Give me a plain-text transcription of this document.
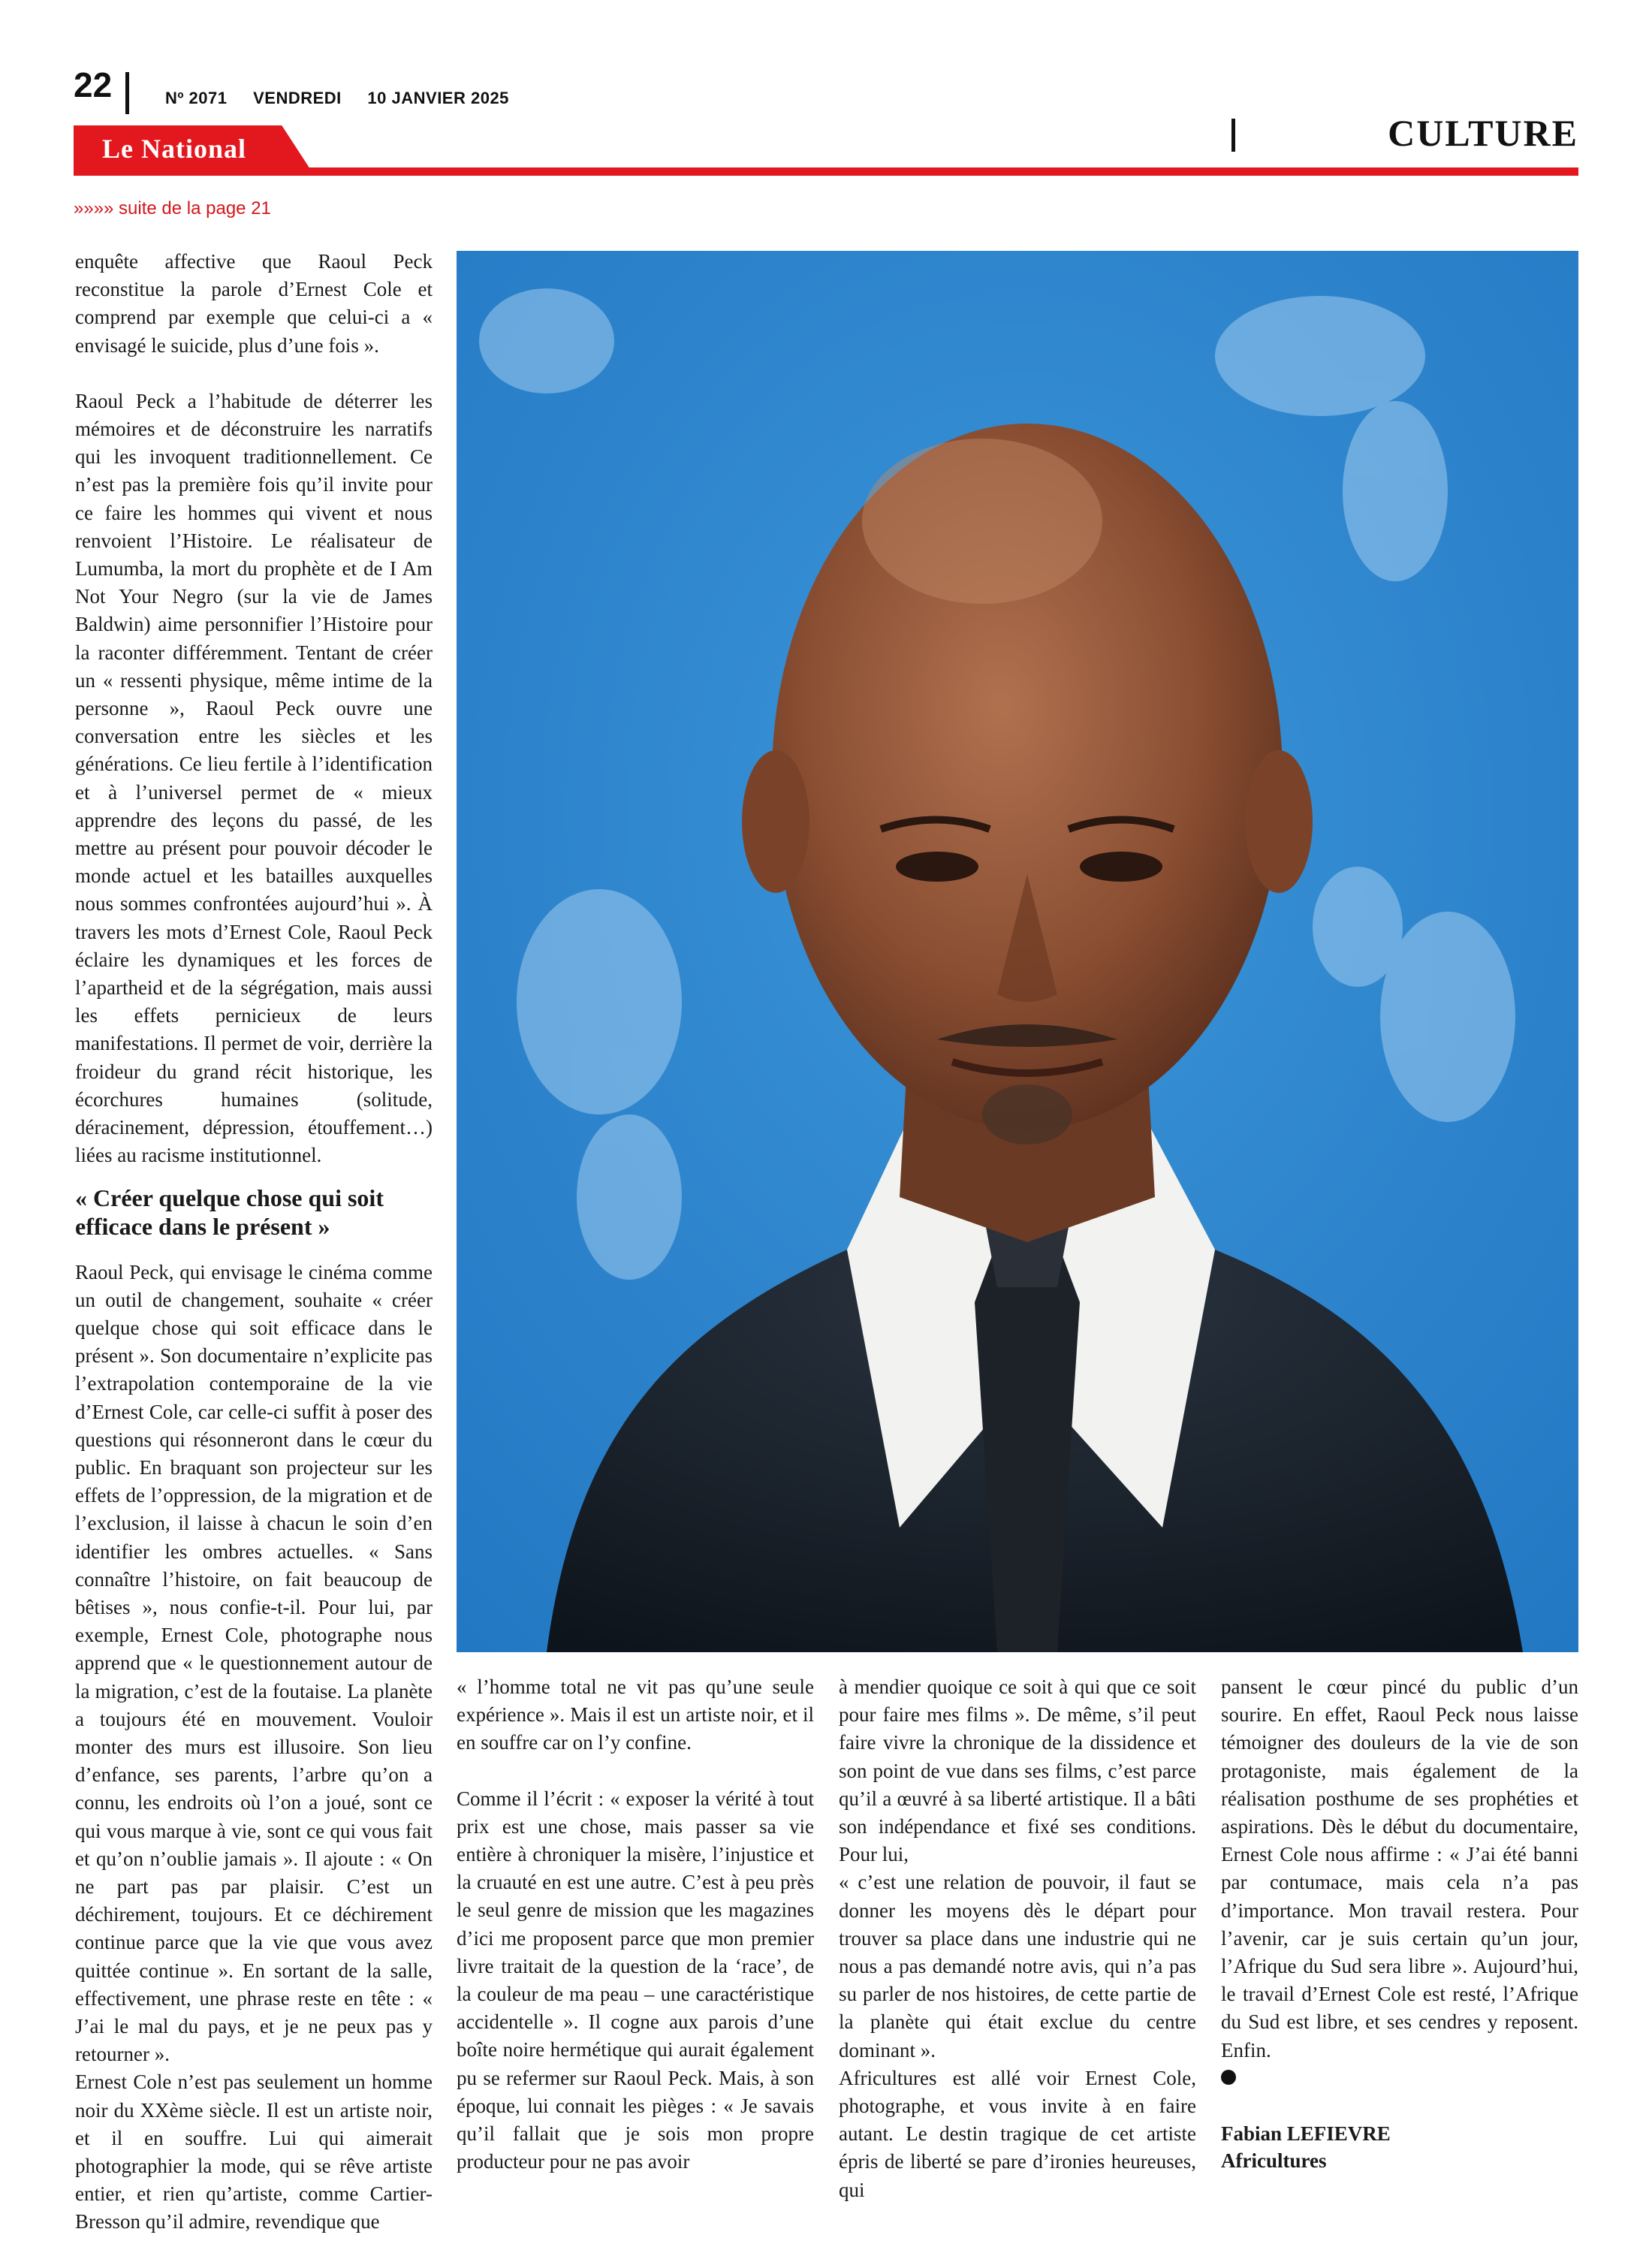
22	Nº 2071 VENDREDI 10 JANVIER 2025
Le National	CULTURE
»»»» suite de la page 21

enquête affective que Raoul Peck reconstitue la parole d’Ernest Cole et comprend par exemple que celui-ci a « envisagé le suicide, plus d’une fois ».

Raoul Peck a l’habitude de déterrer les mémoires et de déconstruire les narratifs qui les invoquent traditionnellement. Ce n’est pas la première fois qu’il invite pour ce faire les hommes qui vivent et nous renvoient l’Histoire. Le réalisateur de Lumumba, la mort du prophète et de I Am Not Your Negro (sur la vie de James Baldwin) aime personnifier l’Histoire pour la raconter différemment. Tentant de créer un « ressenti physique, même intime de la personne », Raoul Peck ouvre une conversation entre les siècles et les générations. Ce lieu fertile à l’identification et à l’universel permet de « mieux apprendre des leçons du passé, de les mettre au présent pour pouvoir décoder le monde actuel et les batailles auxquelles nous sommes confrontées aujourd’hui ». À travers les mots d’Ernest Cole, Raoul Peck éclaire les dynamiques et les forces de l’apartheid et de la ségrégation, mais aussi les effets pernicieux de leurs manifestations. Il permet de voir, derrière la froideur du grand récit historique, les écorchures humaines (solitude, déracinement, dépression, étouffement…) liées au racisme institutionnel.

« Créer quelque chose qui soit efficace dans le présent »

Raoul Peck, qui envisage le cinéma comme un outil de changement, souhaite « créer quelque chose qui soit efficace dans le présent ». Son documentaire n’explicite pas l’extrapolation contemporaine de la vie d’Ernest Cole, car celle-ci suffit à poser des questions qui résonneront dans le cœur du public. En braquant son projecteur sur les effets de l’oppression, de la migration et de l’exclusion, il laisse à chacun le soin d’en identifier les ombres actuelles. « Sans connaître l’histoire, on fait beaucoup de bêtises », nous confie-t-il. Pour lui, par exemple, Ernest Cole, photographe nous apprend que « le questionnement autour de la migration, c’est de la foutaise. La planète a toujours été en mouvement. Vouloir monter des murs est illusoire. Son lieu d’enfance, ses parents, l’arbre qu’on a connu, les endroits où l’on a joué, sont ce qui vous marque à vie, sont ce qui vous fait et qu’on n’oublie jamais ». Il ajoute : « On ne part pas par plaisir. C’est un déchirement, toujours. Et ce déchirement continue parce que la vie que vous avez quittée continue ». En sortant de la salle, effectivement, une phrase reste en tête : « J’ai le mal du pays, et je ne peux pas y retourner ».

Ernest Cole n’est pas seulement un homme noir du XXème siècle. Il est un artiste noir, et il en souffre. Lui qui aimerait photographier la mode, qui se rêve artiste entier, et rien qu’artiste, comme Cartier-Bresson qu’il admire, revendique que

« l’homme total ne vit pas qu’une seule expérience ». Mais il est un artiste noir, et il en souffre car on l’y confine.

Comme il l’écrit : « exposer la vérité à tout prix est une chose, mais passer sa vie entière à chroniquer la misère, l’injustice et la cruauté en est une autre. C’est à peu près le seul genre de mission que les magazines d’ici me proposent parce que mon premier livre traitait de la question de la ‘race’, de la couleur de ma peau – une caractéristique accidentelle ». Il cogne aux parois d’une boîte noire hermétique qui aurait également pu se refermer sur Raoul Peck. Mais, à son époque, lui connait les pièges : « Je savais qu’il fallait que je sois mon propre producteur pour ne pas avoir

à mendier quoique ce soit à qui que ce soit pour faire mes films ». De même, s’il peut faire vivre la chronique de la dissidence et son point de vue dans ses films, c’est parce qu’il a œuvré à sa liberté artistique. Il a bâti son indépendance et fixé ses conditions. Pour lui,

« c’est une relation de pouvoir, il faut se donner les moyens dès le départ pour trouver sa place dans une industrie qui ne nous a pas demandé notre avis, qui n’a pas su parler de nos histoires, de cette partie de la planète qui était exclue du centre dominant ».

Africultures est allé voir Ernest Cole, photographe, et vous invite à en faire autant. Le destin tragique de cet artiste épris de liberté se pare d’ironies heureuses, qui

pansent le cœur pincé du public d’un sourire. En effet, Raoul Peck nous laisse témoigner des douleurs de la vie de son protagoniste, mais également de la réalisation posthume de ses prophéties et aspirations. Dès le début du documentaire, Ernest Cole nous affirme : « J’ai été banni par contumace, mais cela n’a pas d’importance. Mon travail restera. Pour l’avenir, car je suis certain qu’un jour, l’Afrique du Sud sera libre ». Aujourd’hui, le travail d’Ernest Cole est resté, l’Afrique du Sud est libre, et ses cendres y reposent. Enfin.

Fabian LEFIEVRE
Africultures
